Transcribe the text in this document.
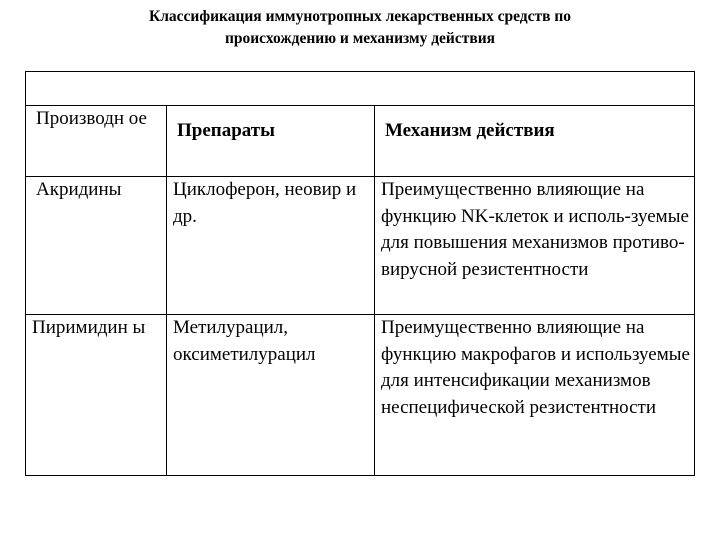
Классификация иммунотропных лекарственных средств по
происхождению и механизму действия

Производн ое	Препараты	Механизм действия
Акридины	Циклоферон, неовир и др.	Преимущественно влияющие на функцию NK-клеток и исполь-зуемые для повышения механизмов противо-вирусной резистентности
Пиримидин ы	Метилурацил, оксиметилурацил	Преимущественно влияющие на функцию макрофагов и используемые для интенсификации механизмов неспецифической резистентности
